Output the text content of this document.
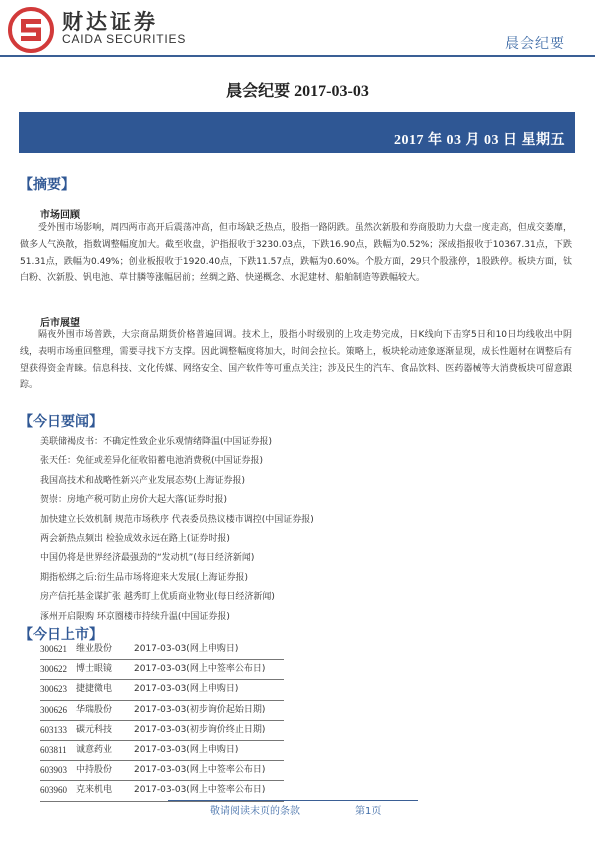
财达证券
CAIDA SECURITIES	晨会纪要
晨会纪要 2017-03-03
2017 年 03 月 03 日 星期五
【摘要】
市场回顾

受外围市场影响，周四两市高开后震荡冲高，但市场缺乏热点，股指一路阴跌。虽然次新股和券商股助力大盘一度走高，但成交萎靡，做多人气涣散，指数调整幅度加大。截至收盘，沪指报收于3230.03点，下跌16.90点，跌幅为0.52%；深成指报收于10367.31点，下跌51.31点，跌幅为0.49%；创业板报收于1920.40点，下跌11.57点，跌幅为0.60%。个股方面，29只个股涨停，1股跌停。板块方面，钛白粉、次新股、钒电池、草甘膦等涨幅居前；丝绸之路、快递概念、水泥建材、船舶制造等跌幅较大。

后市展望

隔夜外围市场普跌，大宗商品期货价格普遍回调。技术上，股指小时级别的上攻走势完成，日K线向下击穿5日和10日均线收出中阴线，表明市场重回整理，需要寻找下方支撑。因此调整幅度将加大，时间会拉长。策略上，板块轮动迹象逐渐显现，成长性题材在调整后有望获得资金青睐。信息科技、文化传媒、网络安全、国产软件等可重点关注；涉及民生的汽车、食品饮料、医药器械等大消费板块可留意跟踪。

【今日要闻】
美联储褐皮书：不确定性致企业乐观情绪降温(中国证券报)
张天任：免征或差异化征收铅蓄电池消费税(中国证券报)
我国高技术和战略性新兴产业发展态势(上海证券报)
贺崇：房地产税可防止房价大起大落(证券时报)
加快建立长效机制 规范市场秩序 代表委员热议楼市调控(中国证券报)
两会新热点频出 检验成效永远在路上(证券时报)
中国仍将是世界经济最强劲的“发动机”(每日经济新闻)
期指松绑之后:衍生品市场将迎来大发展(上海证券报)
房产信托基金谋扩张 越秀盯上优质商业物业(每日经济新闻)
涿州开启限购 环京圈楼市持续升温(中国证券报)
【今日上市】
300621	维业股份	2017-03-03(网上申购日)
300622	博士眼镜	2017-03-03(网上中签率公布日)
300623	捷捷微电	2017-03-03(网上申购日)
300626	华瑞股份	2017-03-03(初步询价起始日期)
603133	碳元科技	2017-03-03(初步询价终止日期)
603811	诚意药业	2017-03-03(网上申购日)
603903	中持股份	2017-03-03(网上中签率公布日)
603960	克来机电	2017-03-03(网上中签率公布日)
敬请阅读末页的条款	第1页
